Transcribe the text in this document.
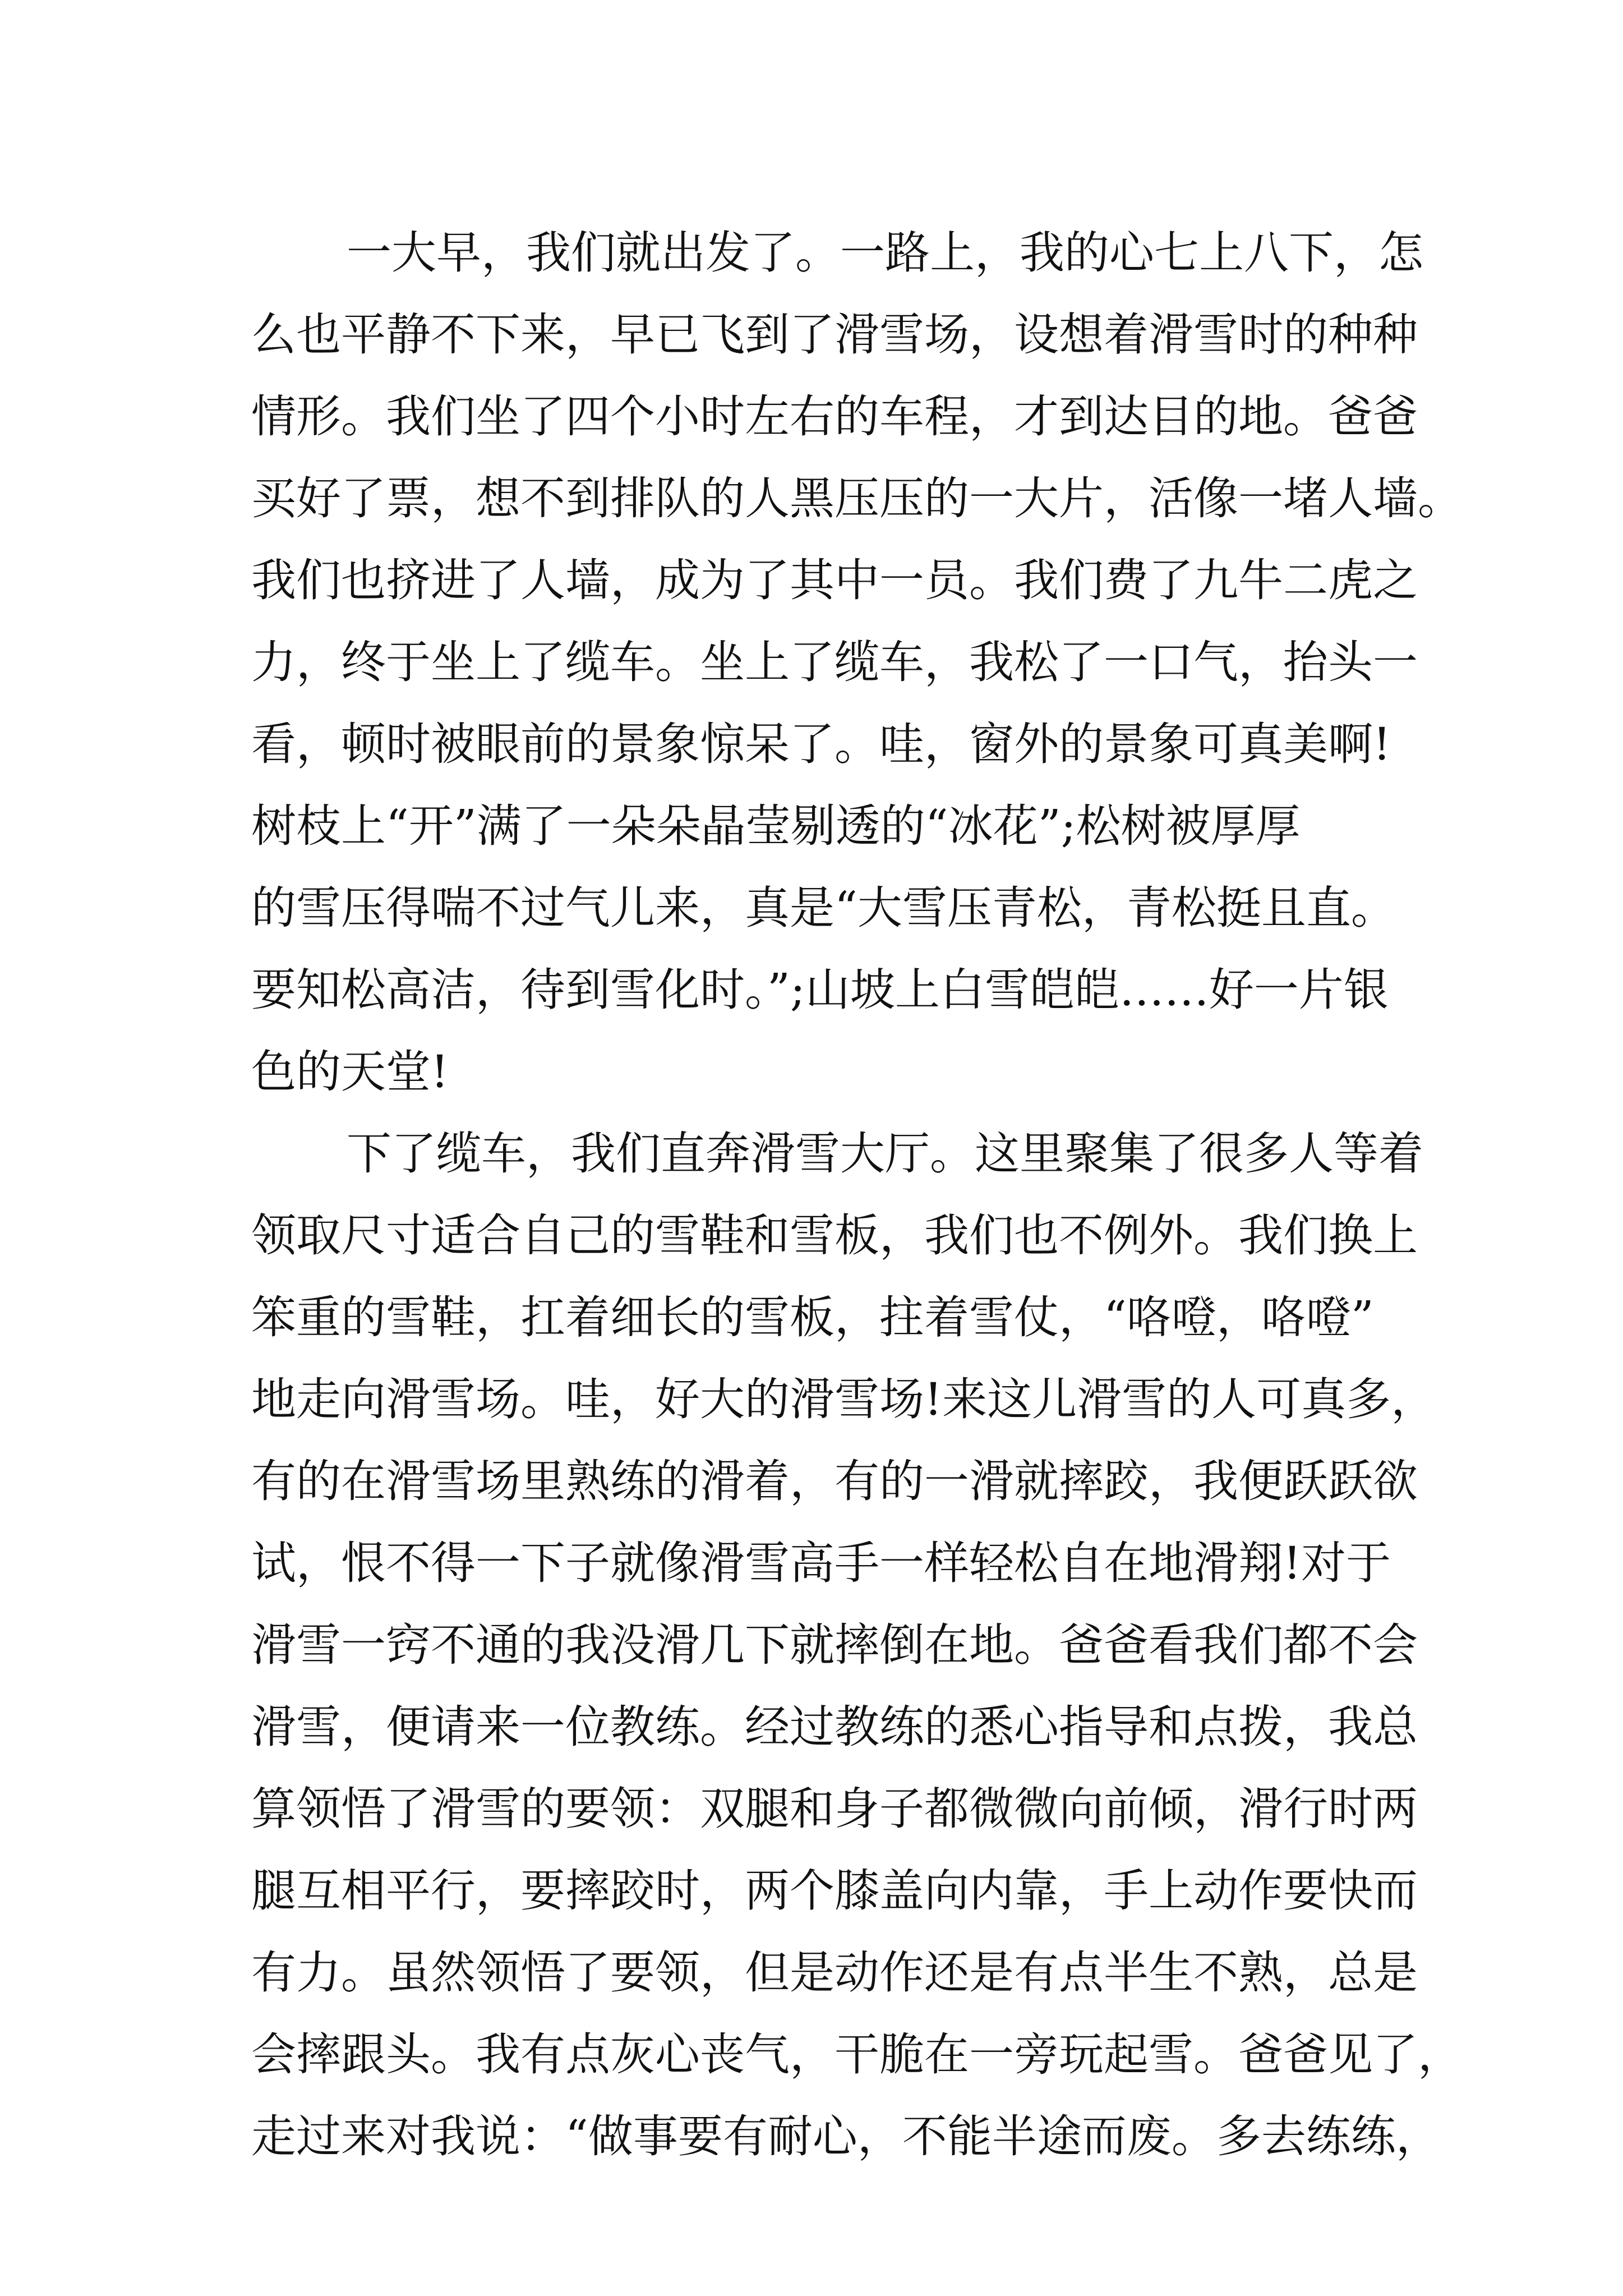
一大早，我们就出发了。一路上，我的心七上八下，怎
么也平静不下来，早已飞到了滑雪场，设想着滑雪时的种种
情形。我们坐了四个小时左右的车程，才到达目的地。爸爸
买好了票，想不到排队的人黑压压的一大片，活像一堵人墙。
我们也挤进了人墙，成为了其中一员。我们费了九牛二虎之
力，终于坐上了缆车。坐上了缆车，我松了一口气，抬头一
看，顿时被眼前的景象惊呆了。哇，窗外的景象可真美啊!
树枝上“开”满了一朵朵晶莹剔透的“冰花”;松树被厚厚
的雪压得喘不过气儿来，真是“大雪压青松，青松挺且直。
要知松高洁，待到雪化时。”;山坡上白雪皑皑……好一片银
色的天堂!
下了缆车，我们直奔滑雪大厅。这里聚集了很多人等着
领取尺寸适合自己的雪鞋和雪板，我们也不例外。我们换上
笨重的雪鞋，扛着细长的雪板，拄着雪仗，“咯噔，咯噔”
地走向滑雪场。哇，好大的滑雪场!来这儿滑雪的人可真多，
有的在滑雪场里熟练的滑着，有的一滑就摔跤，我便跃跃欲
试，恨不得一下子就像滑雪高手一样轻松自在地滑翔!对于
滑雪一窍不通的我没滑几下就摔倒在地。爸爸看我们都不会
滑雪，便请来一位教练。经过教练的悉心指导和点拨，我总
算领悟了滑雪的要领：双腿和身子都微微向前倾，滑行时两
腿互相平行，要摔跤时，两个膝盖向内靠，手上动作要快而
有力。虽然领悟了要领，但是动作还是有点半生不熟，总是
会摔跟头。我有点灰心丧气，干脆在一旁玩起雪。爸爸见了，
走过来对我说：“做事要有耐心，不能半途而废。多去练练，
